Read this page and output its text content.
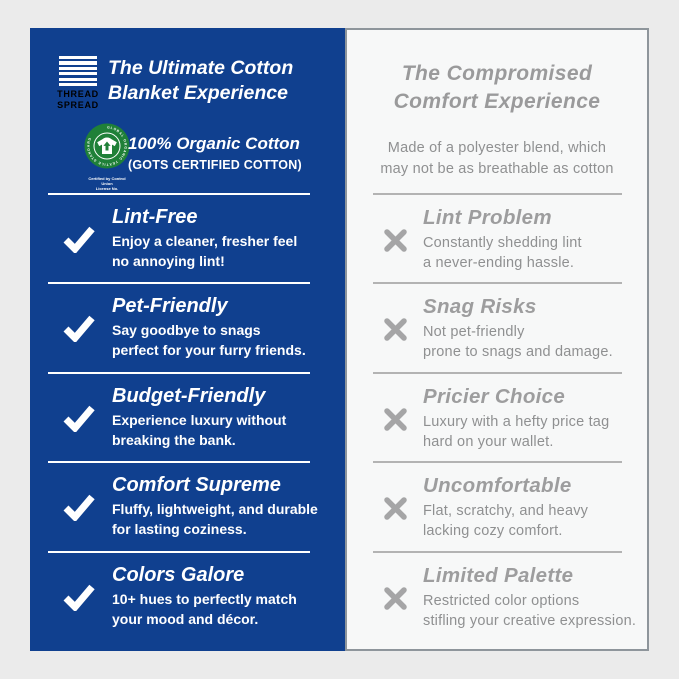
THREAD
SPREAD
The Ultimate Cotton
Blanket Experience
GLOBAL ORGANIC TEXTILE STANDARD
Certified by Control Union
License No.
100% Organic Cotton
(GOTS CERTIFIED COTTON)
Lint-Free
Enjoy a cleaner, fresher feel
no annoying lint!
Pet-Friendly
Say goodbye to snags
perfect for your furry friends.
Budget-Friendly
Experience luxury without
breaking the bank.
Comfort Supreme
Fluffy, lightweight, and durable
for lasting coziness.
Colors Galore
10+ hues to perfectly match
your mood and décor.
The Compromised
Comfort Experience
Made of a polyester blend, which
may not be as breathable as cotton
Lint Problem
Constantly shedding lint
a never-ending hassle.
Snag Risks
Not pet-friendly
prone to snags and damage.
Pricier Choice
Luxury with a hefty price tag
hard on your wallet.
Uncomfortable
Flat, scratchy, and heavy
lacking cozy comfort.
Limited Palette
Restricted color options
stifling your creative expression.
